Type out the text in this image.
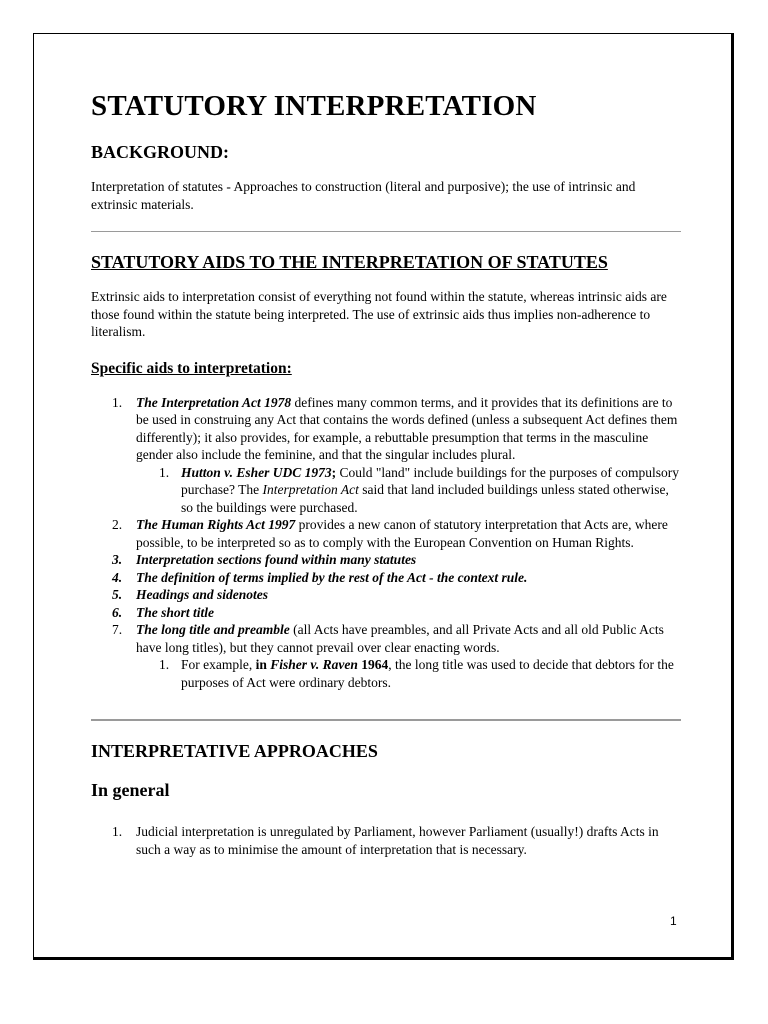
STATUTORY INTERPRETATION
BACKGROUND:

Interpretation of statutes - Approaches to construction (literal and purposive); the use of intrinsic and extrinsic materials.

STATUTORY AIDS TO THE INTERPRETATION OF STATUTES

Extrinsic aids to interpretation consist of everything not found within the statute, whereas intrinsic aids are those found within the statute being interpreted. The use of extrinsic aids thus implies non-adherence to literalism.

Specific aids to interpretation:
1. The Interpretation Act 1978 defines many common terms, and it provides that its definitions are to be used in construing any Act that contains the words defined (unless a subsequent Act defines them differently); it also provides, for example, a rebuttable presumption that terms in the masculine gender also include the feminine, and that the singular includes plural.
1. Hutton v. Esher UDC 1973; Could "land" include buildings for the purposes of compulsory purchase? The Interpretation Act said that land included buildings unless stated otherwise, so the buildings were purchased.
2. The Human Rights Act 1997 provides a new canon of statutory interpretation that Acts are, where possible, to be interpreted so as to comply with the European Convention on Human Rights.
3. Interpretation sections found within many statutes
4. The definition of terms implied by the rest of the Act - the context rule.
5. Headings and sidenotes
6. The short title
7. The long title and preamble (all Acts have preambles, and all Private Acts and all old Public Acts have long titles), but they cannot prevail over clear enacting words.
1. For example, in Fisher v. Raven 1964, the long title was used to decide that debtors for the purposes of Act were ordinary debtors.
INTERPRETATIVE APPROACHES
In general
1. Judicial interpretation is unregulated by Parliament, however Parliament (usually!) drafts Acts in such a way as to minimise the amount of interpretation that is necessary.
1
